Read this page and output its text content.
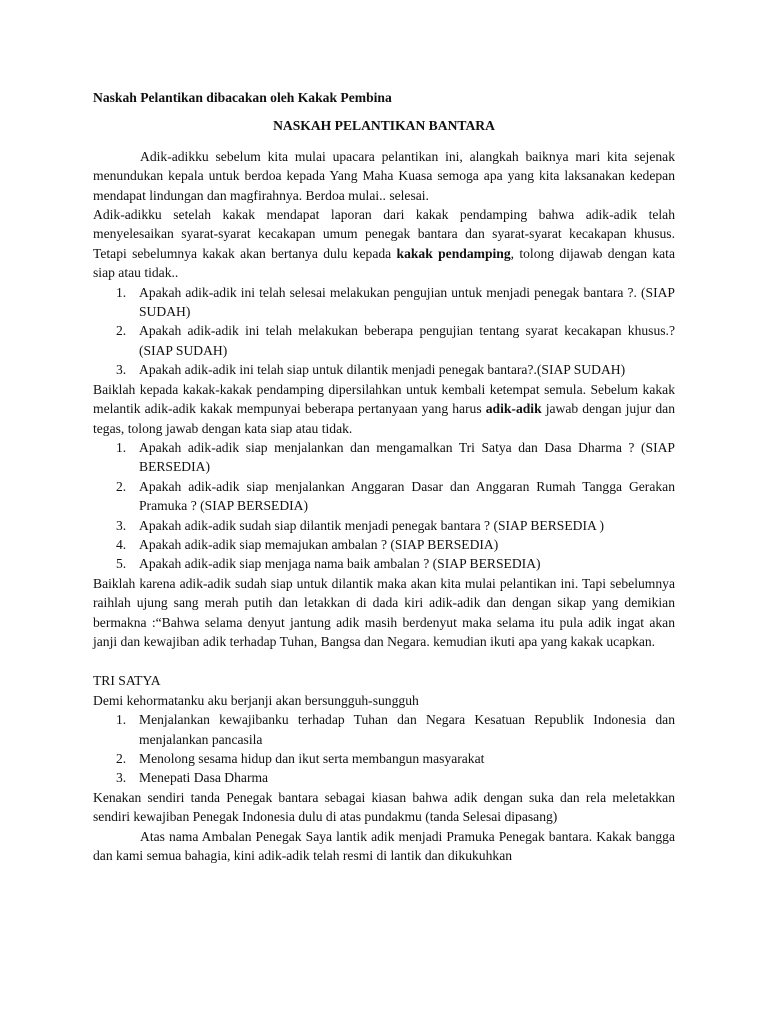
Naskah Pelantikan dibacakan oleh Kakak Pembina

NASKAH PELANTIKAN BANTARA

Adik-adikku sebelum kita mulai upacara pelantikan ini, alangkah baiknya mari kita sejenak menundukan kepala untuk berdoa kepada Yang Maha Kuasa semoga apa yang kita laksanakan kedepan mendapat lindungan dan magfirahnya. Berdoa mulai.. selesai.

Adik-adikku setelah kakak mendapat laporan dari kakak pendamping bahwa adik-adik telah menyelesaikan syarat-syarat kecakapan umum penegak bantara dan syarat-syarat kecakapan khusus. Tetapi sebelumnya kakak akan bertanya dulu kepada kakak pendamping, tolong dijawab dengan kata siap atau tidak..

1. Apakah adik-adik ini telah selesai melakukan pengujian untuk menjadi penegak bantara ?. (SIAP SUDAH)
2. Apakah adik-adik ini telah melakukan beberapa pengujian tentang syarat kecakapan khusus.? (SIAP SUDAH)
3. Apakah adik-adik ini telah siap untuk dilantik menjadi penegak bantara?.(SIAP SUDAH)

Baiklah kepada kakak-kakak pendamping dipersilahkan untuk kembali ketempat semula. Sebelum kakak melantik adik-adik kakak mempunyai beberapa pertanyaan yang harus adik-adik jawab dengan jujur dan tegas, tolong jawab dengan kata siap atau tidak.

1. Apakah adik-adik siap menjalankan dan mengamalkan Tri Satya dan Dasa Dharma ? (SIAP BERSEDIA)
2. Apakah adik-adik siap menjalankan Anggaran Dasar dan Anggaran Rumah Tangga Gerakan Pramuka ? (SIAP BERSEDIA)
3. Apakah adik-adik sudah siap dilantik menjadi penegak bantara ? (SIAP BERSEDIA )
4. Apakah adik-adik siap memajukan ambalan ? (SIAP BERSEDIA)
5. Apakah adik-adik siap menjaga nama baik ambalan ? (SIAP BERSEDIA)

Baiklah karena adik-adik sudah siap untuk dilantik maka akan kita mulai pelantikan ini. Tapi sebelumnya raihlah ujung sang merah putih dan letakkan di dada kiri adik-adik dan dengan sikap yang demikian bermakna :“Bahwa selama denyut jantung adik masih berdenyut maka selama itu pula adik ingat akan janji dan kewajiban adik terhadap Tuhan, Bangsa dan Negara. kemudian ikuti apa yang kakak ucapkan.

TRI SATYA

Demi kehormatanku aku berjanji akan bersungguh-sungguh

1. Menjalankan kewajibanku terhadap Tuhan dan Negara Kesatuan Republik Indonesia dan menjalankan pancasila
2. Menolong sesama hidup dan ikut serta membangun masyarakat
3. Menepati Dasa Dharma

Kenakan sendiri tanda Penegak bantara sebagai kiasan bahwa adik dengan suka dan rela meletakkan sendiri kewajiban Penegak Indonesia dulu di atas pundakmu (tanda Selesai dipasang)

Atas nama Ambalan Penegak Saya lantik adik menjadi Pramuka Penegak bantara. Kakak bangga dan kami semua bahagia, kini adik-adik telah resmi di lantik dan dikukuhkan
